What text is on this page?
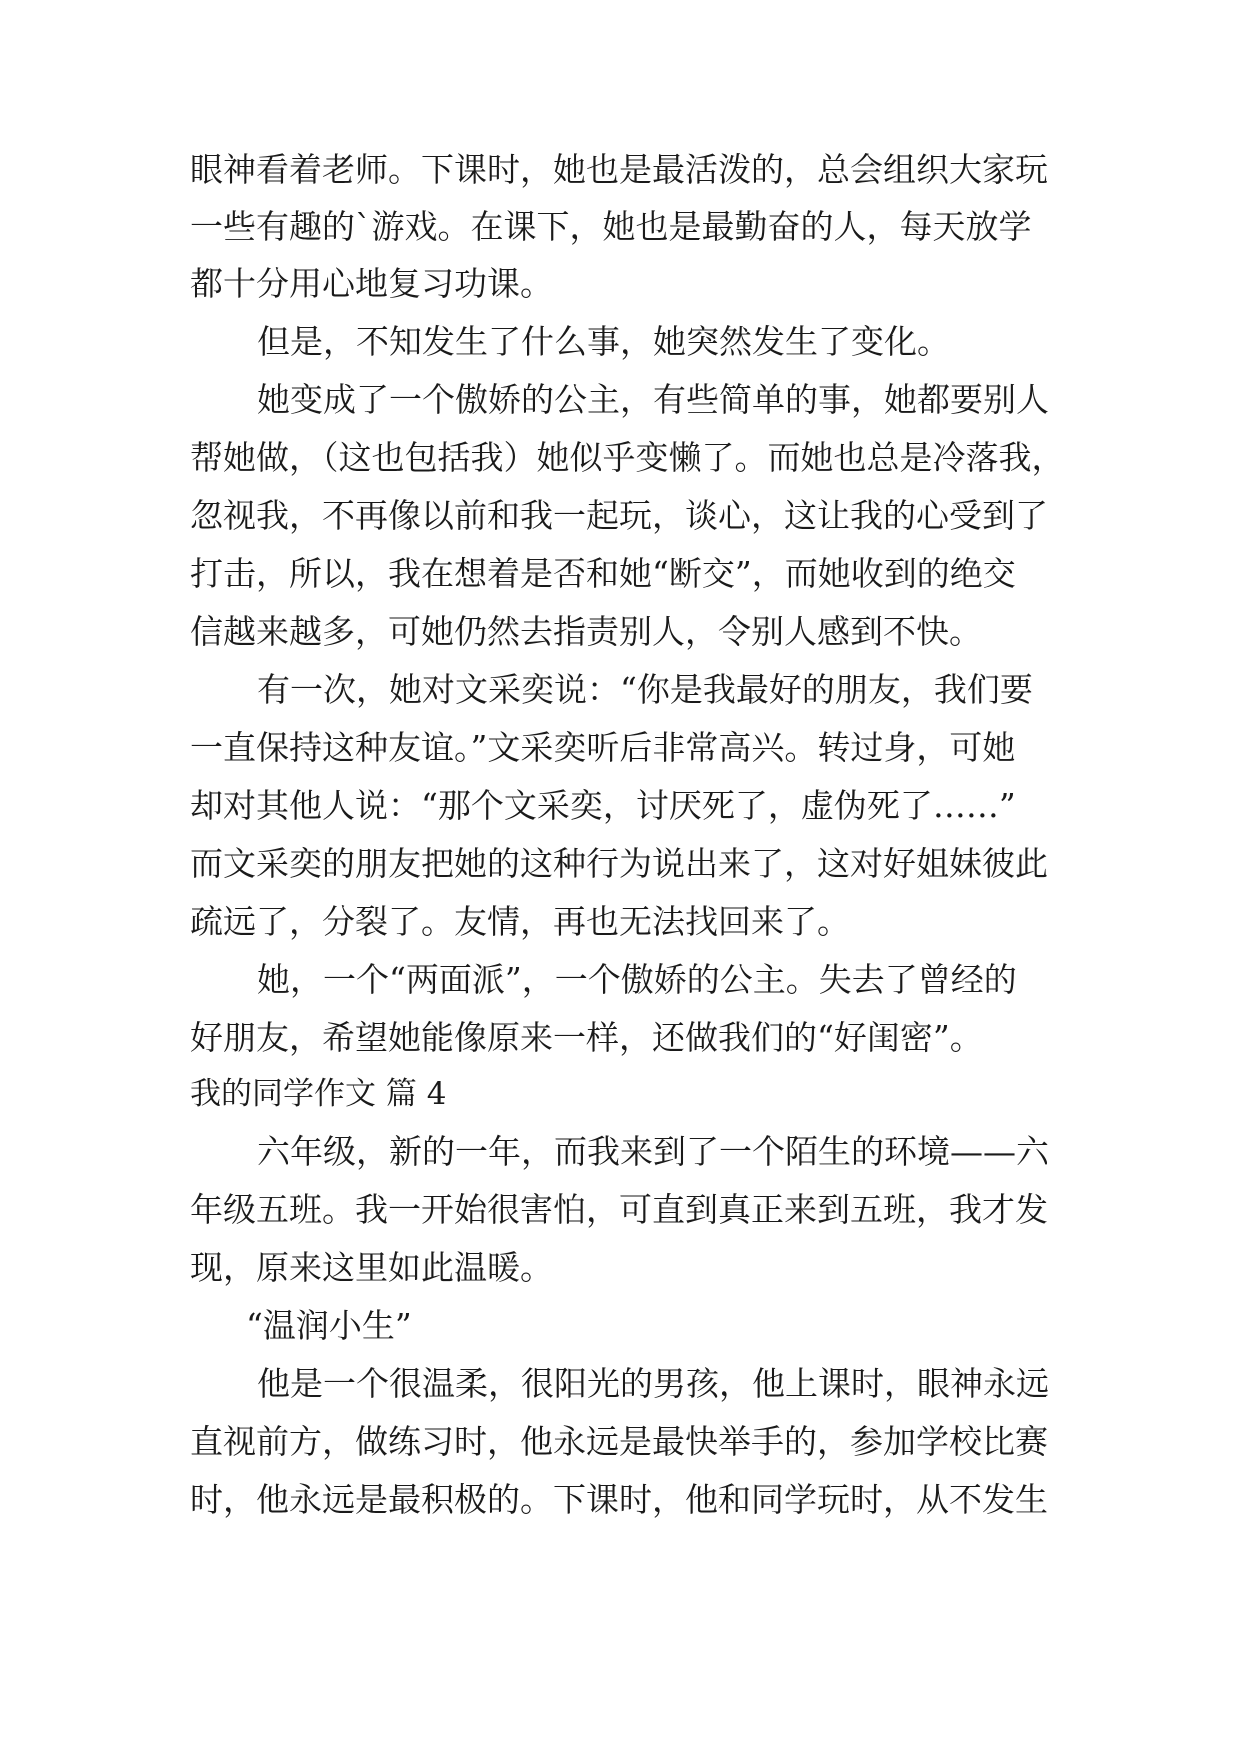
眼神看着老师。下课时，她也是最活泼的，总会组织大家玩
一些有趣的`游戏。在课下，她也是最勤奋的人，每天放学
都十分用心地复习功课。
但是，不知发生了什么事，她突然发生了变化。
她变成了一个傲娇的公主，有些简单的事，她都要别人
帮她做，（这也包括我）她似乎变懒了。而她也总是冷落我，
忽视我，不再像以前和我一起玩，谈心，这让我的心受到了
打击，所以，我在想着是否和她“断交”，而她收到的绝交
信越来越多，可她仍然去指责别人，令别人感到不快。
有一次，她对文采奕说：“你是我最好的朋友，我们要
一直保持这种友谊。”文采奕听后非常高兴。转过身，可她
却对其他人说：“那个文采奕，讨厌死了，虚伪死了……”
而文采奕的朋友把她的这种行为说出来了，这对好姐妹彼此
疏远了，分裂了。友情，再也无法找回来了。
她，一个“两面派”，一个傲娇的公主。失去了曾经的
好朋友，希望她能像原来一样，还做我们的“好闺密”。
我的同学作文 篇 4
六年级，新的一年，而我来到了一个陌生的环境——六
年级五班。我一开始很害怕，可直到真正来到五班，我才发
现，原来这里如此温暖。
“温润小生”
他是一个很温柔，很阳光的男孩，他上课时，眼神永远
直视前方，做练习时，他永远是最快举手的，参加学校比赛
时，他永远是最积极的。下课时，他和同学玩时，从不发生
